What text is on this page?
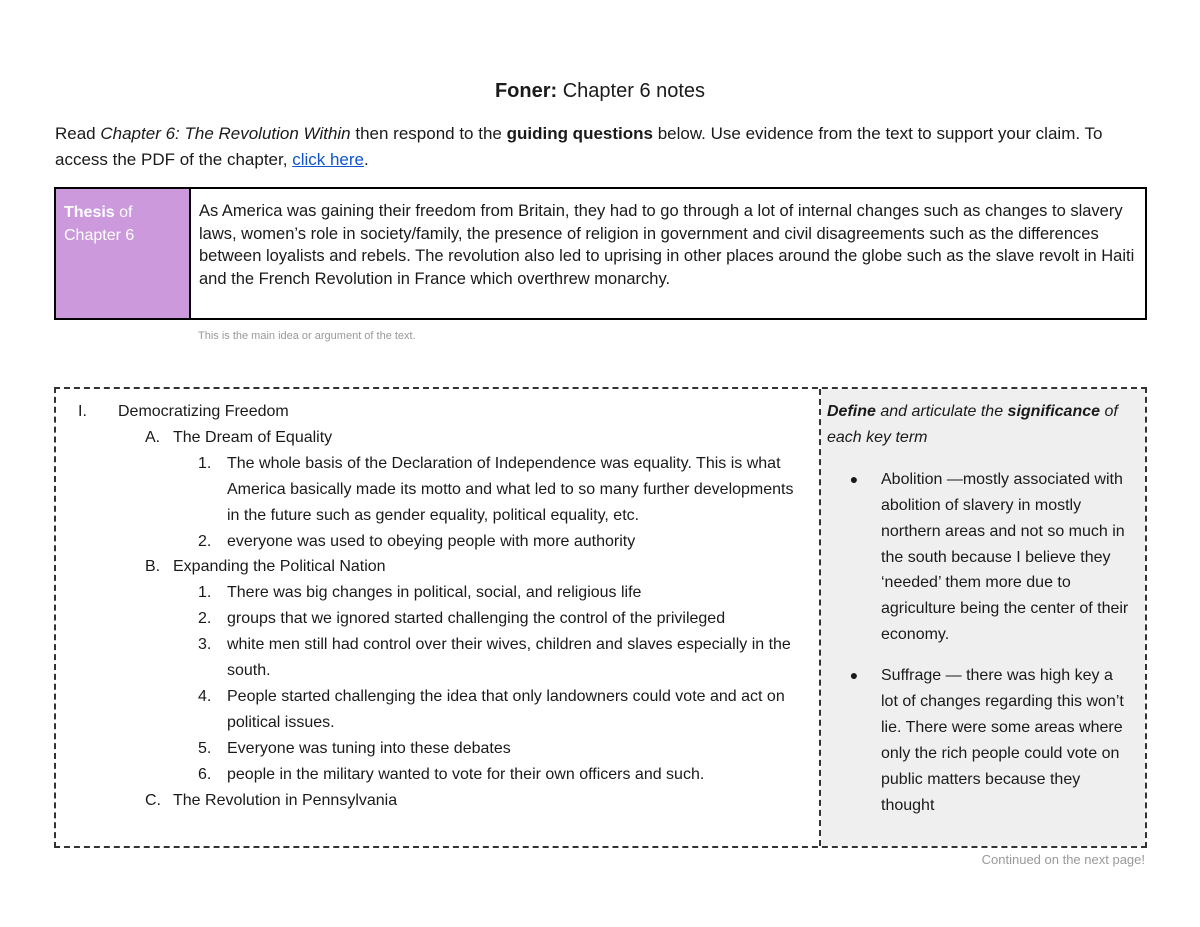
Foner: Chapter 6 notes
Read Chapter 6: The Revolution Within then respond to the guiding questions below. Use evidence from the text to support your claim. To access the PDF of the chapter, click here.
Thesis of Chapter 6
As America was gaining their freedom from Britain, they had to go through a lot of internal changes such as changes to slavery laws, women’s role in society/family, the presence of religion in government and civil disagreements such as the differences between loyalists and rebels. The revolution also led to uprising in other places around the globe such as the slave revolt in Haiti and the French Revolution in France which overthrew monarchy.
This is the main idea or argument of the text.
I.	Democratizing Freedom
A. The Dream of Equality
1. The whole basis of the Declaration of Independence was equality. This is what America basically made its motto and what led to so many further developments in the future such as gender equality, political equality, etc.
2. everyone was used to obeying people with more authority
B. Expanding the Political Nation
1. There was big changes in political, social, and religious life
2. groups that we ignored started challenging the control of the privileged
3. white men still had control over their wives, children and slaves especially in the south.
4. People started challenging the idea that only landowners could vote and act on political issues.
5. Everyone was tuning into these debates
6. people in the military wanted to vote for their own officers and such.
C. The Revolution in Pennsylvania
Define and articulate the significance of each key term
●	Abolition —mostly associated with abolition of slavery in mostly northern areas and not so much in the south because I believe they ‘needed’ them more due to agriculture being the center of their economy.
●	Suffrage — there was high key a lot of changes regarding this won’t lie. There were some areas where only the rich people could vote on public matters because they thought
Continued on the next page!
